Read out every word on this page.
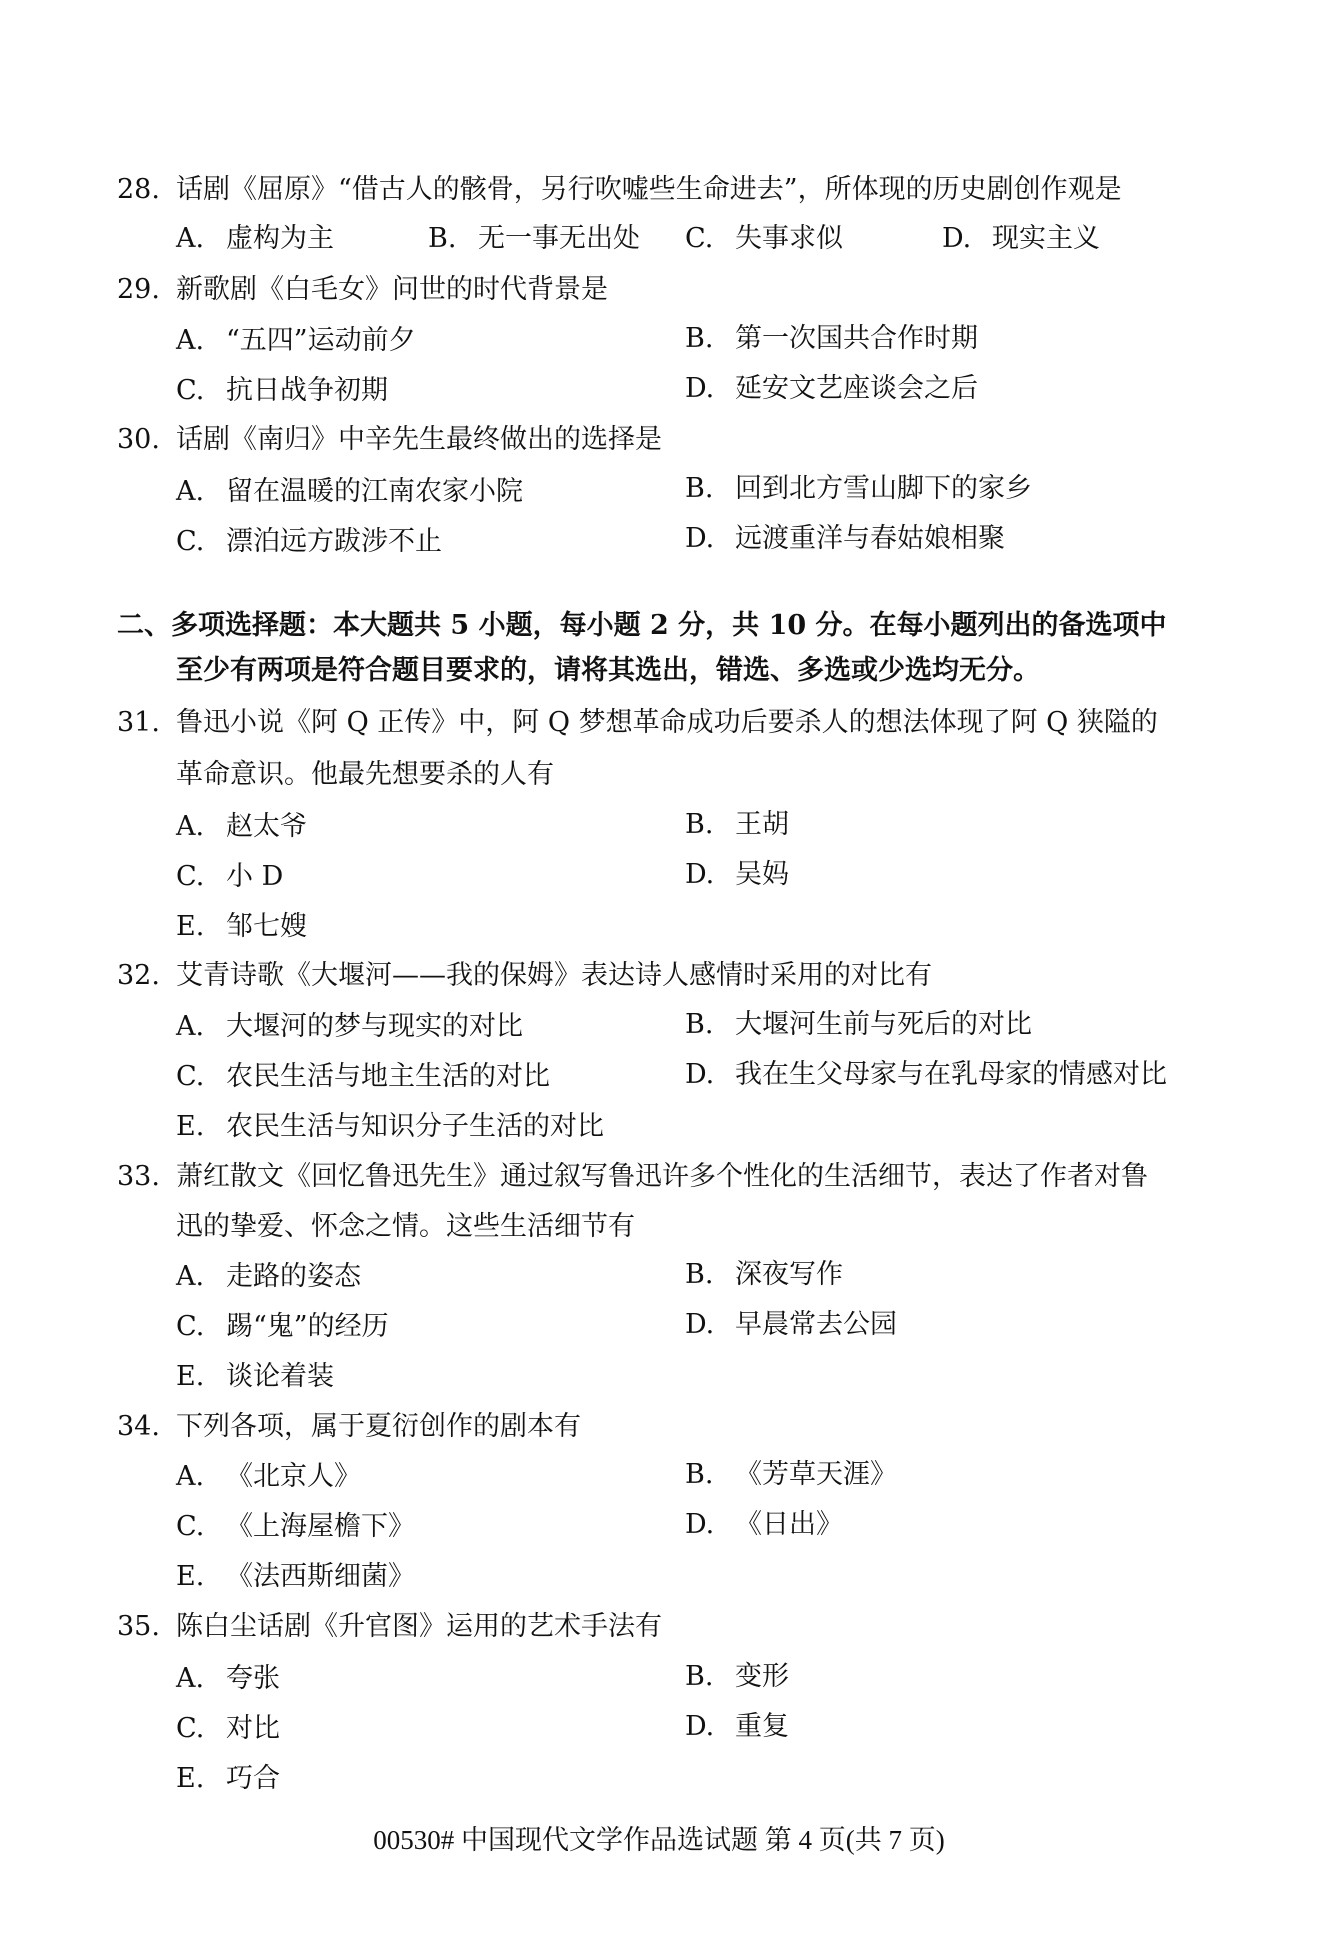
28. 话剧《屈原》“借古人的骸骨，另行吹嘘些生命进去”，所体现的历史剧创作观是
A. 虚构为主	B. 无一事无出处 C. 失事求似	D. 现实主义
29. 新歌剧《白毛女》问世的时代背景是
A. “五四”运动前夕	B. 第一次国共合作时期
C. 抗日战争初期	D. 延安文艺座谈会之后
30. 话剧《南归》中辛先生最终做出的选择是
A. 留在温暖的江南农家小院	B. 回到北方雪山脚下的家乡
C. 漂泊远方跋涉不止	D. 远渡重洋与春姑娘相聚
二、多项选择题：本大题共 5 小题，每小题 2 分，共 10 分。在每小题列出的备选项中
至少有两项是符合题目要求的，请将其选出，错选、多选或少选均无分。
31. 鲁迅小说《阿 Q 正传》中，阿 Q 梦想革命成功后要杀人的想法体现了阿 Q 狭隘的
革命意识。他最先想要杀的人有
A. 赵太爷	B. 王胡
C. 小 D	D. 吴妈
E. 邹七嫂
32. 艾青诗歌《大堰河——我的保姆》表达诗人感情时采用的对比有
A. 大堰河的梦与现实的对比	B. 大堰河生前与死后的对比
C. 农民生活与地主生活的对比	D. 我在生父母家与在乳母家的情感对比
E. 农民生活与知识分子生活的对比
33. 萧红散文《回忆鲁迅先生》通过叙写鲁迅许多个性化的生活细节，表达了作者对鲁
迅的挚爱、怀念之情。这些生活细节有
A. 走路的姿态	B. 深夜写作
C. 踢“鬼”的经历	D. 早晨常去公园
E. 谈论着装
34. 下列各项，属于夏衍创作的剧本有
A. 《北京人》	B. 《芳草天涯》
C. 《上海屋檐下》	D. 《日出》
E. 《法西斯细菌》
35. 陈白尘话剧《升官图》运用的艺术手法有
A. 夸张	B. 变形
C. 对比	D. 重复
E. 巧合
00530# 中国现代文学作品选试题 第 4 页(共 7 页)
